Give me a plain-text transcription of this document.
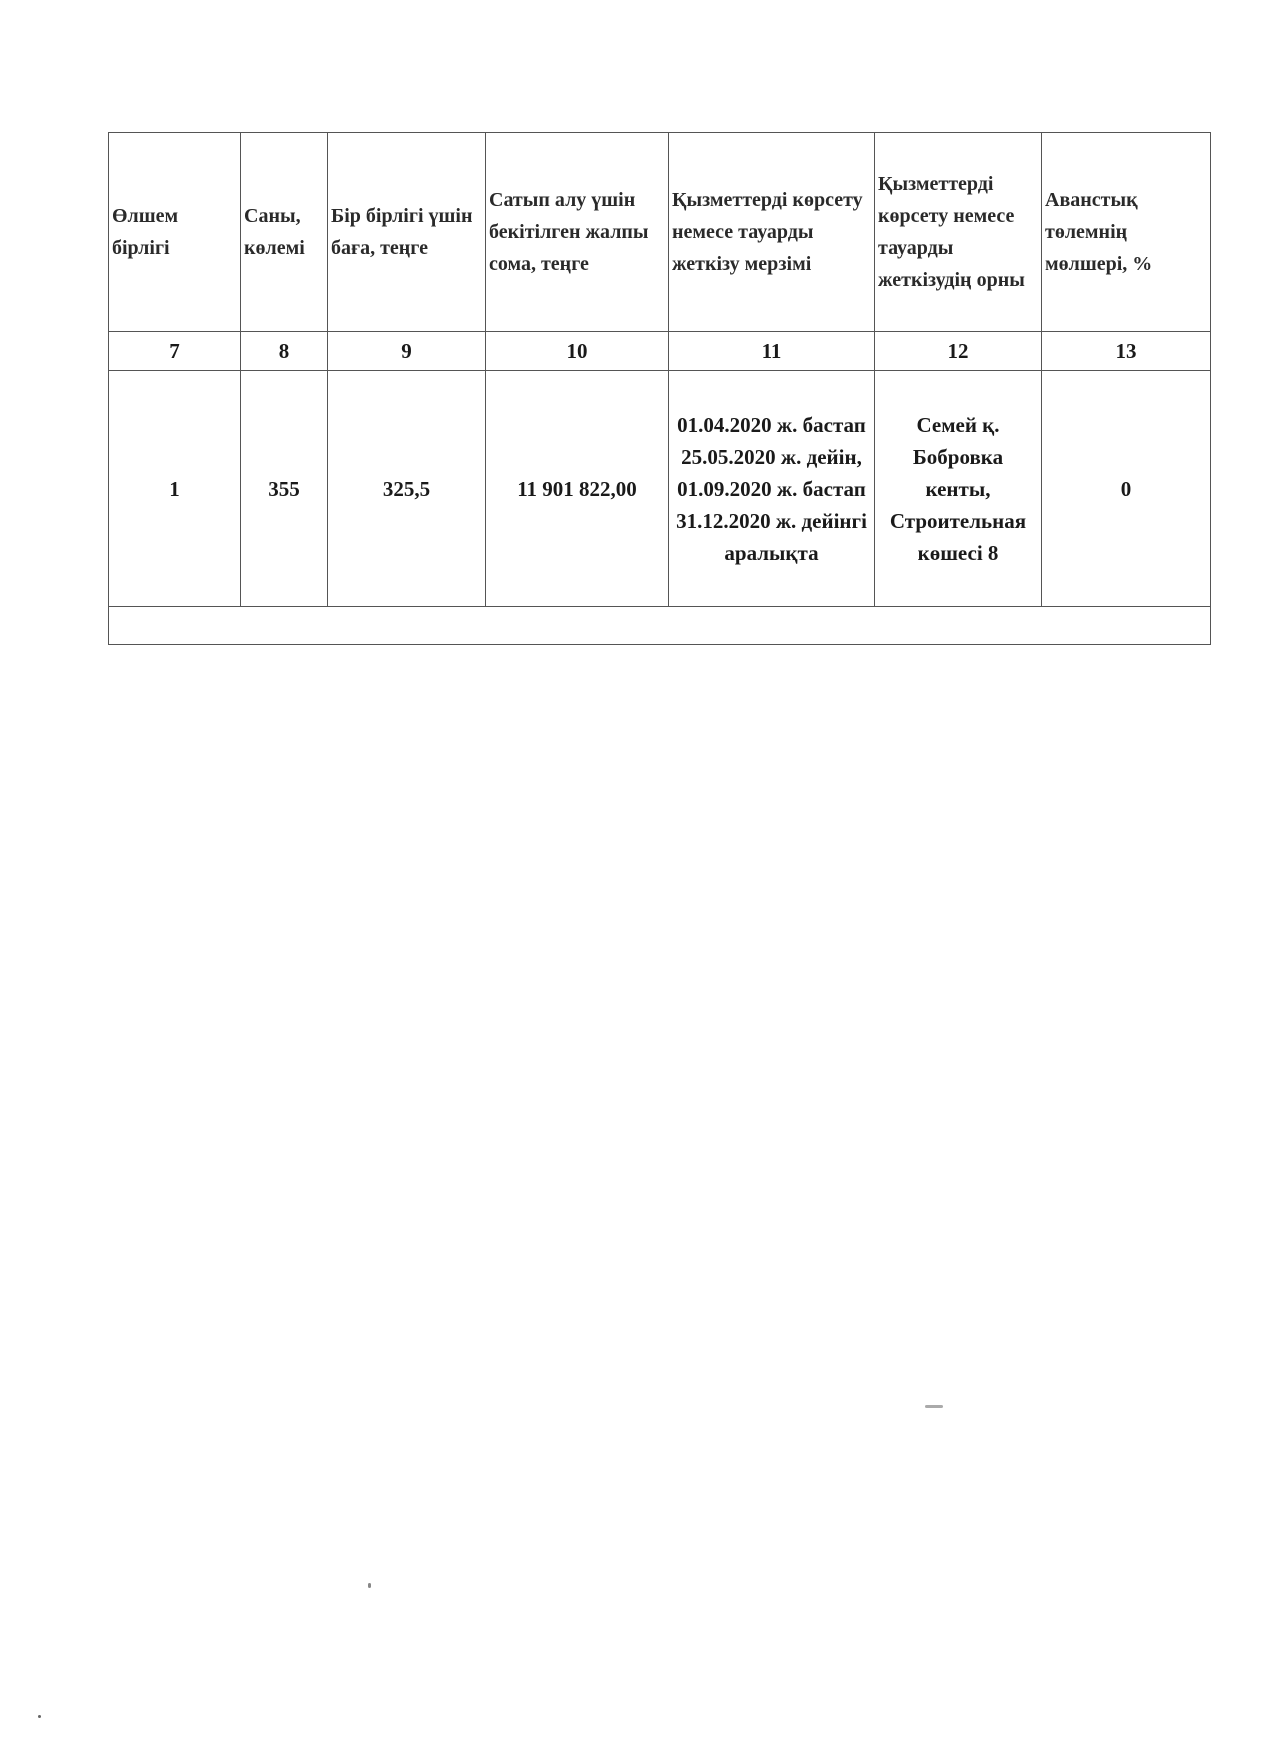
Өлшем бірлігі	Саны, көлемі	Бір бірлігі үшін баға, теңге	Сатып алу үшін бекітілген жалпы сома, теңге	Қызметтерді көрсету немесе тауарды жеткізу мерзімі	Қызметтерді көрсету немесе тауарды жеткізудің орны	Аванстық төлемнің мөлшері, %
7	8	9	10	11	12	13
1	355	325,5	11 901 822,00	01.04.2020 ж. бастап 25.05.2020 ж. дейін, 01.09.2020 ж. бастап 31.12.2020 ж. дейінгі аралықта	Семей қ. Бобровка кенты, Строительная көшесі 8	0
